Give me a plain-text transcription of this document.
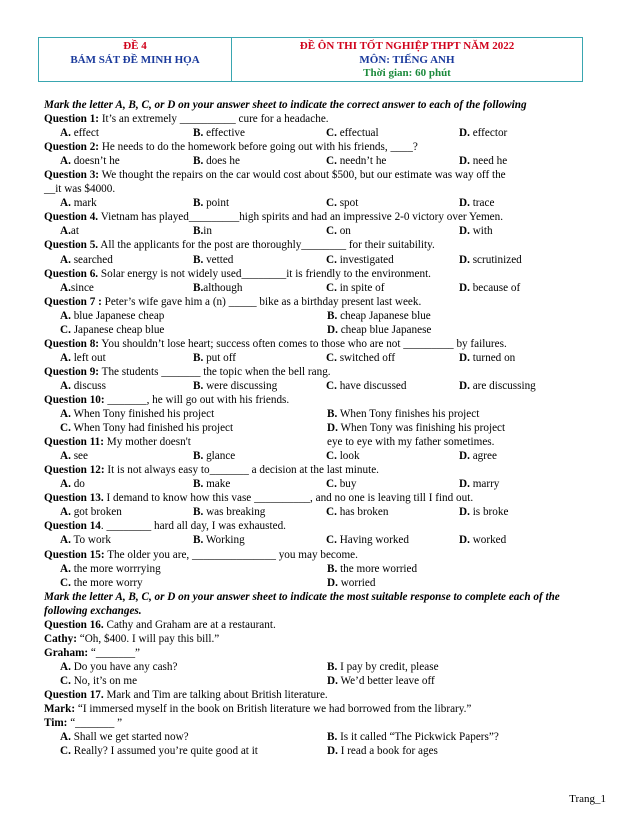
ĐỀ 4
BÁM SÁT ĐỀ MINH HỌA
ĐỀ ÔN THI TỐT NGHIỆP THPT NĂM 2022
MÔN: TIẾNG ANH
Thời gian: 60 phút

Mark the letter A, B, C, or D on your answer sheet to indicate the correct answer to each of the following

Question 1: It’s an extremely __________ cure for a headache.

A. effect	B. effective	C. effectual	D. effector

Question 2: He needs to do the homework before going out with his friends, ____?

A. doesn’t he	B. does he	C. needn’t he	D. need he

Question 3: We thought the repairs on the car would cost about $500, but our estimate was way off the

__it was $4000.

A. mark	B. point	C. spot	D. trace

Question 4. Vietnam has played_________high spirits and had an impressive 2-0 victory over Yemen.

A.at	B.in	C. on	D. with

Question 5. All the applicants for the post are thoroughly________ for their suitability.

A. searched	B. vetted	C. investigated	D. scrutinized

Question 6. Solar energy is not widely used________it is friendly to the environment.

A.since	B.although	C. in spite of	D. because of

Question 7 : Peter’s wife gave him a (n) _____ bike as a birthday present last week.

A. blue Japanese cheap	B. cheap Japanese blue
C. Japanese cheap blue	D. cheap blue Japanese

Question 8: You shouldn’t lose heart; success often comes to those who are not _________ by failures.

A. left out	B. put off	C. switched off	D. turned on

Question 9: The students _______ the topic when the bell rang.

A. discuss	B. were discussing	C. have discussed	D. are discussing

Question 10: _______, he will go out with his friends.

A. When Tony finished his project	B. When Tony finishes his project
C. When Tony had finished his project	D. When Tony was finishing his project

Question 11: My mother doesn't	eye to eye with my father sometimes.

A. see	B. glance	C. look	D. agree

Question 12: It is not always easy to_______ a decision at the last minute.

A. do	B. make	C. buy	D. marry

Question 13. I demand to know how this vase __________, and no one is leaving till I find out.

A. got broken	B. was breaking	C. has broken	D. is broke

Question 14. ________ hard all day, I was exhausted.

A. To work	B. Working	C. Having worked	D. worked

Question 15: The older you are, _______________ you may become.

A. the more worrrying	B. the more worried
C. the more worry	D. worried

Mark the letter A, B, C, or D on your answer sheet to indicate the most suitable response to complete each of the following exchanges.

Question 16. Cathy and Graham are at a restaurant.

Cathy: “Oh, $400. I will pay this bill.”

Graham: “_______”

A. Do you have any cash?	B. I pay by credit, please
C. No, it’s on me	D. We’d better leave off

Question 17. Mark and Tim are talking about British literature.

Mark: “I immersed myself in the book on British literature we had borrowed from the library.”

Tim: “_______ ”

A. Shall we get started now?	B. Is it called “The Pickwick Papers”?
C. Really? I assumed you’re quite good at it	D. I read a book for ages
Trang_1
